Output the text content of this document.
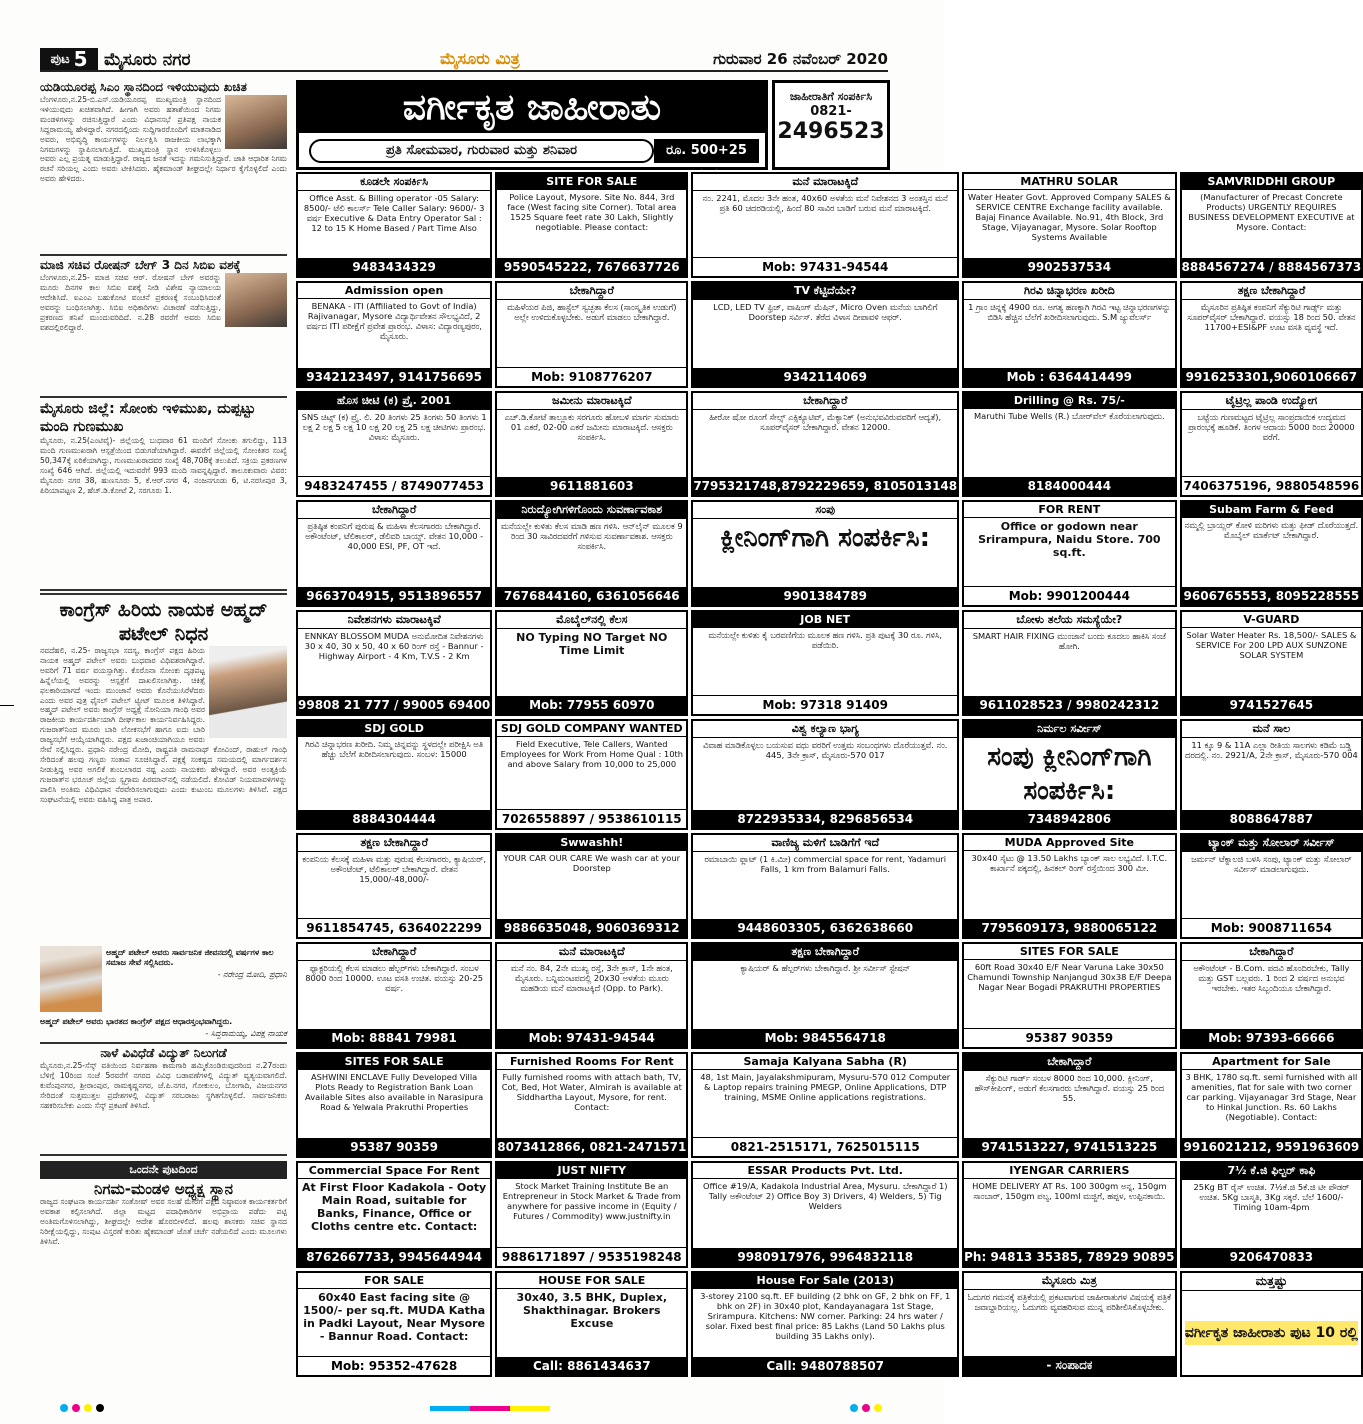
ಪುಟ 5 ಮೈಸೂರು ನಗರ	ಮೈಸೂರು ಮಿತ್ರ	ಗುರುವಾರ 26 ನವೆಂಬರ್ 2020
ಯಡಿಯೂರಪ್ಪ ಸಿಎಂ ಸ್ಥಾನದಿಂದ ಇಳಿಯುವುದು ಖಚಿತ
ಬೆಂಗಳೂರು,ನ.25-ಬಿ.ಎಸ್.ಯಡಿಯೂರಪ್ಪ ಮುಖ್ಯಮಂತ್ರಿ ಸ್ಥಾನದಿಂದ ಇಳಿಯುವುದು ಖಚಿತವಾಗಿದೆ. ಹೀಗಾಗಿ ಅವರು ಹತಾಶೆಯಿಂದ ನಿಗಮ ಮಂಡಳಿಗಳನ್ನು ರಚಿಸುತ್ತಿದ್ದಾರೆ ಎಂದು ವಿಧಾನಸಭೆ ಪ್ರತಿಪಕ್ಷ ನಾಯಕ ಸಿದ್ದರಾಮಯ್ಯ ಹೇಳಿದ್ದಾರೆ. ನಗರದಲ್ಲಿಂದು ಸುದ್ದಿಗಾರರೊಂದಿಗೆ ಮಾತನಾಡಿದ ಅವರು, ಅಭಿವೃದ್ಧಿ ಕಾರ್ಯಗಳನ್ನು ನಿರ್ಲಕ್ಷಿಸಿ ರಾಜಕೀಯ ಲಾಭಕ್ಕಾಗಿ ನಿಗಮಗಳನ್ನು ಸ್ಥಾಪಿಸಲಾಗುತ್ತಿದೆ. ಮುಖ್ಯಮಂತ್ರಿ ಸ್ಥಾನ ಉಳಿಸಿಕೊಳ್ಳಲು ಅವರು ಎಲ್ಲ ಪ್ರಯತ್ನ ಮಾಡುತ್ತಿದ್ದಾರೆ. ರಾಜ್ಯದ ಜನತೆ ಇದನ್ನು ಗಮನಿಸುತ್ತಿದ್ದಾರೆ. ಜಾತಿ ಆಧಾರಿತ ನಿಗಮ ರಚನೆ ಸರಿಯಲ್ಲ ಎಂದು ಅವರು ಟೀಕಿಸಿದರು. ಹೈಕಮಾಂಡ್ ಶೀಘ್ರದಲ್ಲೇ ನಿರ್ಧಾರ ಕೈಗೊಳ್ಳಲಿದೆ ಎಂದು ಅವರು ಹೇಳಿದರು.
ಮಾಜಿ ಸಚಿವ ರೋಷನ್ ಬೇಗ್ 3 ದಿನ ಸಿಬಿಐ ವಶಕ್ಕೆ
ಬೆಂಗಳೂರು,ನ.25- ಮಾಜಿ ಸಚಿವ ಆರ್. ರೋಷನ್ ಬೇಗ್ ಅವರನ್ನು ಮೂರು ದಿನಗಳ ಕಾಲ ಸಿಬಿಐ ವಶಕ್ಕೆ ನೀಡಿ ವಿಶೇಷ ನ್ಯಾಯಾಲಯ ಆದೇಶಿಸಿದೆ. ಐಎಂಎ ಬಹುಕೋಟಿ ವಂಚನೆ ಪ್ರಕರಣಕ್ಕೆ ಸಂಬಂಧಿಸಿದಂತೆ ಅವರನ್ನು ಬಂಧಿಸಲಾಗಿತ್ತು. ಸಿಬಿಐ ಅಧಿಕಾರಿಗಳು ವಿಚಾರಣೆ ನಡೆಸುತ್ತಿದ್ದು, ಪ್ರಕರಣದ ತನಿಖೆ ಮುಂದುವರಿದಿದೆ. ನ.28 ರವರೆಗೆ ಅವರು ಸಿಬಿಐ ವಶದಲ್ಲಿರಲಿದ್ದಾರೆ.
ಮೈಸೂರು ಜಿಲ್ಲೆ: ಸೋಂಕು ಇಳಿಮುಖ, ದುಪ್ಪಟ್ಟು ಮಂದಿ ಗುಣಮುಖ
ಮೈಸೂರು, ನ.25(ಎಂಟಿವೈ)- ಜಿಲ್ಲೆಯಲ್ಲಿ ಬುಧವಾರ 61 ಮಂದಿಗೆ ಸೋಂಕು ತಗುಲಿದ್ದು, 113 ಮಂದಿ ಗುಣಮುಖರಾಗಿ ಆಸ್ಪತ್ರೆಯಿಂದ ಬಿಡುಗಡೆಯಾಗಿದ್ದಾರೆ. ಈವರೆಗೆ ಜಿಲ್ಲೆಯಲ್ಲಿ ಸೋಂಕಿತರ ಸಂಖ್ಯೆ 50,347ಕ್ಕೆ ಏರಿಕೆಯಾಗಿದ್ದು, ಗುಣಮುಖರಾದವರ ಸಂಖ್ಯೆ 48,708ಕ್ಕೆ ತಲುಪಿದೆ. ಸಕ್ರಿಯ ಪ್ರಕರಣಗಳ ಸಂಖ್ಯೆ 646 ಆಗಿದೆ. ಜಿಲ್ಲೆಯಲ್ಲಿ ಇದುವರೆಗೆ 993 ಮಂದಿ ಸಾವನ್ನಪ್ಪಿದ್ದಾರೆ. ತಾಲೂಕುವಾರು ವಿವರ: ಮೈಸೂರು ನಗರ 38, ಹುಣಸೂರು 5, ಕೆ.ಆರ್.ನಗರ 4, ನಂಜನಗೂಡು 6, ಟಿ.ನರಸೀಪುರ 3, ಪಿರಿಯಾಪಟ್ಟಣ 2, ಹೆಚ್.ಡಿ.ಕೋಟೆ 2, ಸರಗೂರು 1.
ಕಾಂಗ್ರೆಸ್ ಹಿರಿಯ ನಾಯಕ ಅಹ್ಮದ್ ಪಟೇಲ್ ನಿಧನ
ನವದೆಹಲಿ, ನ.25- ರಾಜ್ಯಸಭಾ ಸದಸ್ಯ, ಕಾಂಗ್ರೆಸ್ ಪಕ್ಷದ ಹಿರಿಯ ನಾಯಕ ಅಹ್ಮದ್ ಪಟೇಲ್ ಅವರು ಬುಧವಾರ ವಿಧಿವಶರಾಗಿದ್ದಾರೆ. ಅವರಿಗೆ 71 ವರ್ಷ ವಯಸ್ಸಾಗಿತ್ತು. ಕೊರೊನಾ ಸೋಂಕು ದೃಢಪಟ್ಟ ಹಿನ್ನೆಲೆಯಲ್ಲಿ ಅವರನ್ನು ಆಸ್ಪತ್ರೆಗೆ ದಾಖಲಿಸಲಾಗಿತ್ತು. ಚಿಕಿತ್ಸೆ ಫಲಕಾರಿಯಾಗದೆ ಇಂದು ಮುಂಜಾನೆ ಅವರು ಕೊನೆಯುಸಿರೆಳೆದರು ಎಂದು ಅವರ ಪುತ್ರ ಫೈಸಲ್ ಪಟೇಲ್ ಟ್ವೀಟ್ ಮೂಲಕ ತಿಳಿಸಿದ್ದಾರೆ. ಅಹ್ಮದ್ ಪಟೇಲ್ ಅವರು ಕಾಂಗ್ರೆಸ್ ಅಧ್ಯಕ್ಷೆ ಸೋನಿಯಾ ಗಾಂಧಿ ಅವರ ರಾಜಕೀಯ ಕಾರ್ಯದರ್ಶಿಯಾಗಿ ದೀರ್ಘಕಾಲ ಕಾರ್ಯನಿರ್ವಹಿಸಿದ್ದರು. ಗುಜರಾತ್‌ನಿಂದ ಮೂರು ಬಾರಿ ಲೋಕಸಭೆಗೆ ಹಾಗೂ ಐದು ಬಾರಿ ರಾಜ್ಯಸಭೆಗೆ ಆಯ್ಕೆಯಾಗಿದ್ದರು. ಪಕ್ಷದ ಖಜಾಂಚಿಯಾಗಿಯೂ ಅವರು ಸೇವೆ ಸಲ್ಲಿಸಿದ್ದರು. ಪ್ರಧಾನಿ ನರೇಂದ್ರ ಮೋದಿ, ರಾಷ್ಟ್ರಪತಿ ರಾಮನಾಥ್ ಕೋವಿಂದ್, ರಾಹುಲ್ ಗಾಂಧಿ ಸೇರಿದಂತೆ ಹಲವು ಗಣ್ಯರು ಸಂತಾಪ ಸೂಚಿಸಿದ್ದಾರೆ. ಪಕ್ಷಕ್ಕೆ ಸಂಕಷ್ಟದ ಸಮಯದಲ್ಲಿ ಮಾರ್ಗದರ್ಶನ ನೀಡುತ್ತಿದ್ದ ಅವರ ಅಗಲಿಕೆ ತುಂಬಲಾರದ ನಷ್ಟ ಎಂದು ನಾಯಕರು ಹೇಳಿದ್ದಾರೆ. ಅವರ ಅಂತ್ಯಕ್ರಿಯೆ ಗುಜರಾತ್‌ನ ಭರೂಚ್ ಜಿಲ್ಲೆಯ ಸ್ವಗ್ರಾಮ ಪಿರಮಾನ್‌ನಲ್ಲಿ ನಡೆಯಲಿದೆ. ಕೋವಿಡ್ ನಿಯಮಾವಳಿಗಳನ್ನು ಪಾಲಿಸಿ ಅಂತಿಮ ವಿಧಿವಿಧಾನ ನೆರವೇರಿಸಲಾಗುವುದು ಎಂದು ಕುಟುಂಬ ಮೂಲಗಳು ತಿಳಿಸಿವೆ. ಪಕ್ಷದ ಸಂಘಟನೆಯಲ್ಲಿ ಅವರು ವಹಿಸಿದ್ದ ಪಾತ್ರ ಅಪಾರ.
ಅಹ್ಮದ್ ಪಟೇಲ್ ಅವರು ಸಾರ್ವಜನಿಕ ಜೀವನದಲ್ಲಿ ವರ್ಷಗಳ ಕಾಲ ಸಮಾಜ ಸೇವೆ ಸಲ್ಲಿಸಿದರು.
- ನರೇಂದ್ರ ಮೋದಿ, ಪ್ರಧಾನಿ
ಅಹ್ಮದ್ ಪಟೇಲ್ ಅವರು ಭಾರತದ ಕಾಂಗ್ರೆಸ್ ಪಕ್ಷದ ಆಧಾರಸ್ತಂಭವಾಗಿದ್ದರು.
- ಸಿದ್ದರಾಮಯ್ಯ, ವಿಪಕ್ಷ ನಾಯಕ
ನಾಳೆ ವಿವಿಧೆಡೆ ವಿದ್ಯುತ್ ನಿಲುಗಡೆ
ಮೈಸೂರು,ನ.25-ಸೆಸ್ಕ್ ವತಿಯಿಂದ ನಿರ್ವಹಣಾ ಕಾಮಗಾರಿ ಹಮ್ಮಿಕೊಂಡಿರುವುದರಿಂದ ನ.27ರಂದು ಬೆಳಿಗ್ಗೆ 10ರಿಂದ ಸಂಜೆ 5ರವರೆಗೆ ನಗರದ ವಿವಿಧ ಬಡಾವಣೆಗಳಲ್ಲಿ ವಿದ್ಯುತ್ ವ್ಯತ್ಯಯವಾಗಲಿದೆ. ಕುವೆಂಪುನಗರ, ಶ್ರೀರಾಂಪುರ, ರಾಮಕೃಷ್ಣನಗರ, ಜೆ.ಪಿ.ನಗರ, ಗೋಕುಲಂ, ಬೋಗಾದಿ, ವಿಜಯನಗರ ಸೇರಿದಂತೆ ಸುತ್ತಮುತ್ತಲ ಪ್ರದೇಶಗಳಲ್ಲಿ ವಿದ್ಯುತ್ ಸರಬರಾಜು ಸ್ಥಗಿತಗೊಳ್ಳಲಿದೆ. ಸಾರ್ವಜನಿಕರು ಸಹಕರಿಸಬೇಕು ಎಂದು ಸೆಸ್ಕ್ ಪ್ರಕಟಣೆ ತಿಳಿಸಿದೆ.
ಒಂದನೇ ಪುಟದಿಂದ
ನಿಗಮ-ಮಂಡಳಿ ಅಧ್ಯಕ್ಷ ಸ್ಥಾನ
ರಾಜ್ಯದ ಸಂಘಟನಾ ಕಾರ್ಯದರ್ಶಿ ಸಂತೋಷ್ ಅವರ ಸಲಹೆ ಮೇರೆಗೆ ಪಕ್ಷದ ನಿಷ್ಠಾವಂತ ಕಾರ್ಯಕರ್ತರಿಗೆ ಅವಕಾಶ ಕಲ್ಪಿಸಲಾಗಿದೆ. ಜಿಲ್ಲಾ ಮಟ್ಟದ ಪದಾಧಿಕಾರಿಗಳ ಅಭಿಪ್ರಾಯ ಪಡೆದು ಪಟ್ಟಿ ಅಂತಿಮಗೊಳಿಸಲಾಗಿದ್ದು, ಶೀಘ್ರದಲ್ಲೇ ಆದೇಶ ಹೊರಬೀಳಲಿದೆ. ಹಲವು ಶಾಸಕರು ಸಚಿವ ಸ್ಥಾನದ ನಿರೀಕ್ಷೆಯಲ್ಲಿದ್ದು, ಸಂಪುಟ ವಿಸ್ತರಣೆ ಕುರಿತು ಹೈಕಮಾಂಡ್ ಜೊತೆ ಚರ್ಚೆ ನಡೆಯಲಿದೆ ಎಂದು ಮೂಲಗಳು ತಿಳಿಸಿವೆ.
ವರ್ಗೀಕೃತ ಜಾಹೀರಾತು
ಪ್ರತಿ ಸೋಮವಾರ, ಗುರುವಾರ ಮತ್ತು ಶನಿವಾರ	ರೂ. 500+25
ಜಾಹೀರಾತಿಗೆ ಸಂಪರ್ಕಿಸಿ
0821-
2496523
ಕೂಡಲೇ ಸಂಪರ್ಕಿಸಿ
Office Asst. & Billing operator -05 Salary: 8500/- ಟೆಲಿ ಕಾಲರ್ಸ್ Tele Caller Salary: 9600/- 3 ವರ್ಷ Executive & Data Entry Operator Sal : 12 to 15 K Home Based / Part Time Also
9483434329
SITE FOR SALE
Police Layout, Mysore. Site No. 844, 3rd face (West facing site Corner). Total area 1525 Square feet rate 30 Lakh, Slightly negotiable. Please contact:
9590545222, 7676637726
ಮನೆ ಮಾರಾಟಕ್ಕಿದೆ
ನಂ. 2241, ಮೊದಲ 3ನೇ ಹಂತ, 40x60 ಅಳತೆಯ ಮನೆ ನಿವೇಶನದ 3 ಅಂತಸ್ತಿನ ಮನೆ ಪ್ರತಿ 60 ಚದರಡಿಯಲ್ಲಿ, ಹಿಂದೆ 80 ಸಾವಿರ ಬಾಡಿಗೆ ಬರುವ ಮನೆ ಮಾರಾಟಕ್ಕಿದೆ.
Mob: 97431-94544
MATHRU SOLAR
Water Heater Govt. Approved Company SALES & SERVICE CENTRE Exchange facility available. Bajaj Finance Available. No.91, 4th Block, 3rd Stage, Vijayanagar, Mysore. Solar Rooftop Systems Available
9902537534
SAMVRIDDHI GROUP
(Manufacturer of Precast Concrete Products) URGENTLY REQUIRES BUSINESS DEVELOPMENT EXECUTIVE at Mysore. Contact:
8884567274 / 8884567373
Admission open
BENAKA - ITI (Affiliated to Govt of India) Rajivanagar, Mysore ವಿದ್ಯಾರ್ಥಿವೇತನ ಸೌಲಭ್ಯವಿದೆ, 2 ವರ್ಷದ ITI ಪರೀಕ್ಷೆಗೆ ಪ್ರವೇಶ ಪ್ರಾರಂಭ. ವಿಳಾಸ: ವಿದ್ಯಾರಣ್ಯಪುರಂ, ಮೈಸೂರು.
9342123497, 9141756695
ಬೇಕಾಗಿದ್ದಾರೆ
ಮಹಿಳೆಯರ ಪಿಜಿ, ಹಾಸ್ಟೆಲ್ ಸ್ವಚ್ಛತಾ ಕೆಲಸ (ಸಾಂಸ್ಕೃತಿಕ ಉಡುಗೆ) ಅಲ್ಲೇ ಉಳಿದುಕೊಳ್ಳಬೇಕು. ಅಡುಗೆ ಮಾಡಲು ಬೇಕಾಗಿದ್ದಾರೆ.
Mob: 9108776207
TV ಕೆಟ್ಟಿದೆಯೇ?
LCD, LED TV ಫ್ರಿಜ್, ವಾಷಿಂಗ್ ಮೆಷಿನ್, Micro Oven ಮನೆಯ ಬಾಗಿಲಿಗೆ Doorstep ಸರ್ವಿಸ್. ತೆರೆದ ವಿಳಾಸ ದೀಪಾವಳಿ ಆಫರ್.
9342114069
ಗಿರವಿ ಚಿನ್ನಾಭರಣ ಖರೀದಿ
1 ಗ್ರಾಂ ಚಿನ್ನಕ್ಕೆ 4900 ರೂ. ಅಗತ್ಯ ಹಣಕ್ಕಾಗಿ ಗಿರವಿ ಇಟ್ಟ ಚಿನ್ನಾಭರಣಗಳನ್ನು ಬಿಡಿಸಿ ಹೆಚ್ಚಿನ ಬೆಲೆಗೆ ಖರೀದಿಸಲಾಗುವುದು. S.M ಜ್ಯುವೆಲರ್ಸ್
Mob : 6364414499
ತಕ್ಷಣ ಬೇಕಾಗಿದ್ದಾರೆ
ಮೈಸೂರಿನ ಪ್ರತಿಷ್ಠಿತ ಕಂಪನಿಗೆ ಸೆಕ್ಯುರಿಟಿ ಗಾರ್ಡ್ಸ್ ಮತ್ತು ಸೂಪರ್‌ವೈಸರ್ ಬೇಕಾಗಿದ್ದಾರೆ. ವಯಸ್ಸು 18 ರಿಂದ 50. ವೇತನ 11700+ESI&PF ಊಟ ವಸತಿ ವ್ಯವಸ್ಥೆ ಇದೆ.
9916253301,9060106667
ಹೊಸ ಚೀಟಿ (ಕ) ಪ್ರೈ. 2001
SNS ಚಿಟ್ಸ್ (ಕ) ಪ್ರೈ. ಲಿ. 20 ತಿಂಗಳು 25 ತಿಂಗಳು 50 ತಿಂಗಳು 1 ಲಕ್ಷ 2 ಲಕ್ಷ 5 ಲಕ್ಷ 10 ಲಕ್ಷ 20 ಲಕ್ಷ 25 ಲಕ್ಷ ಚೀಟಿಗಳು ಪ್ರಾರಂಭ. ವಿಳಾಸ: ಮೈಸೂರು.
9483247455 / 8749077453
ಜಮೀನು ಮಾರಾಟಕ್ಕಿದೆ
ಎಚ್.ಡಿ.ಕೋಟೆ ತಾಲ್ಲೂಕು ಸರಗೂರು ಹೋಬಳಿ ಮಾರ್ಗ ಸುಮಾರು 01 ಎಕರೆ, 02-00 ಎಕರೆ ಜಮೀನು ಮಾರಾಟಕ್ಕಿದೆ. ಆಸಕ್ತರು ಸಂಪರ್ಕಿಸಿ.
9611881603
ಬೇಕಾಗಿದ್ದಾರೆ
ಹೀರೋ ಷೋ ರೂಂಗೆ ಸೇಲ್ಸ್ ಎಕ್ಸಿಕ್ಯೂಟಿವ್, ಮೆಕ್ಯಾನಿಕ್ (ಅನುಭವವಿರುವವರಿಗೆ ಆದ್ಯತೆ), ಸೂಪರ್‌ವೈಸರ್ ಬೇಕಾಗಿದ್ದಾರೆ. ವೇತನ 12000.
7795321748,8792229659, 8105013148
Drilling @ Rs. 75/-
Maruthi Tube Wells (R.) ಬೋರ್‌ವೆಲ್ ಕೊರೆಯಲಾಗುವುದು.
8184000444
ಟೈಟ್ರಿಲ್ಲ ಪಾಂಡಿ ಉದ್ಯೋಗ
ಬಟ್ಟೆಯ ಗುಣಮಟ್ಟದ ಟೈಟ್ರಿಲ್ಲ ಸಾಂಪ್ರದಾಯಿಕ ಉದ್ಯಮದ ಪ್ರಾರಂಭಕ್ಕೆ ಹೂಡಿಕೆ. ತಿಂಗಳ ಆದಾಯ 5000 ರಿಂದ 20000 ವರೆಗೆ.
7406375196, 9880548596
ಬೇಕಾಗಿದ್ದಾರೆ
ಪ್ರತಿಷ್ಠಿತ ಕಂಪನಿಗೆ ಪುರುಷ & ಮಹಿಳಾ ಕೆಲಸಗಾರರು ಬೇಕಾಗಿದ್ದಾರೆ. ಅಕೌಂಟೆಂಟ್, ಟೆಲಿಕಾಲರ್, ಡೆಲಿವರಿ ಬಾಯ್ಸ್. ವೇತನ 10,000 - 40,000 ESI, PF, OT ಇದೆ.
9663704915, 9513896557
ನಿರುದ್ಯೋಗಿಗಳಿಗೊಂದು ಸುವರ್ಣಾವಕಾಶ
ಮನೆಯಲ್ಲೇ ಕುಳಿತು ಕೆಲಸ ಮಾಡಿ ಹಣ ಗಳಿಸಿ. ಆನ್‌ಲೈನ್ ಮೂಲಕ 9 ರಿಂದ 30 ಸಾವಿರದವರೆಗೆ ಗಳಿಸುವ ಸುವರ್ಣಾವಕಾಶ. ಆಸಕ್ತರು ಸಂಪರ್ಕಿಸಿ.
7676844160, 6361056646
ಸಂಪು
ಕ್ಲೀನಿಂಗ್‌ಗಾಗಿ ಸಂಪರ್ಕಿಸಿ:
9901384789
FOR RENT
Office or godown near Srirampura, Naidu Store. 700 sq.ft.
Mob: 9901200444
Subam Farm & Feed
ನಮ್ಮಲ್ಲಿ ಬ್ರಾಯ್ಲರ್ ಕೋಳಿ ಮರಿಗಳು ಮತ್ತು ಫೀಡ್ ದೊರೆಯುತ್ತದೆ. ಮೊಬೈಲ್ ಮಾರ್ಕೆಟ್ ಬೇಕಾಗಿದ್ದಾರೆ.
9606765553, 8095228555
ನಿವೇಶನಗಳು ಮಾರಾಟಕ್ಕಿವೆ
ENNKAY BLOSSOM MUDA ಅನುಮೋದಿತ ನಿವೇಶನಗಳು 30 x 40, 30 x 50, 40 x 60 ರಿಂಗ್ ರಸ್ತೆ - Bannur - Highway Airport - 4 Km, T.V.S - 2 Km
99808 21 777 / 99005 69400
ಮೊಬೈಲ್‌ನಲ್ಲಿ ಕೆಲಸ
NO Typing NO Target NO Time Limit
Mob: 77955 60970
JOB NET
ಮನೆಯಲ್ಲೇ ಕುಳಿತು ಕೈ ಬರವಣಿಗೆಯ ಮೂಲಕ ಹಣ ಗಳಿಸಿ. ಪ್ರತಿ ಪುಟಕ್ಕೆ 30 ರೂ. ಗಳಿಸಿ, ಪಡೆಯಿರಿ.
Mob: 97318 91409
ಬೋಳು ತಲೆಯ ಸಮಸ್ಯೆಯೇ?
SMART HAIR FIXING ಮುಂಜಾನೆ ಬಂದು ಕೂದಲು ಹಾಕಿಸಿ ಸಂಜೆ ಹೋಗಿ.
9611028523 / 9980242312
V-GUARD
Solar Water Heater Rs. 18,500/- SALES & SERVICE For 200 LPD AUX SUNZONE SOLAR SYSTEM
9741527645
SDJ GOLD
ಗಿರವಿ ಚಿನ್ನಾಭರಣ ಖರೀದಿ. ನಿಮ್ಮ ಚಿನ್ನವನ್ನು ಸ್ಥಳದಲ್ಲೇ ಪರೀಕ್ಷಿಸಿ ಅತಿ ಹೆಚ್ಚು ಬೆಲೆಗೆ ಖರೀದಿಸಲಾಗುವುದು. ಸಂಬಳ: 15000
8884304444
SDJ GOLD COMPANY WANTED
Field Executive, Tele Callers, Wanted Employees for Work From Home Qual : 10th and above Salary from 10,000 to 25,000
7026558897 / 9538610115
ವಿಶ್ವ ಕಲ್ಯಾಣ ಭಾಗ್ಯ
ವಿವಾಹ ಮಾಡಿಕೊಳ್ಳಲು ಬಯಸುವ ವಧು ವರರಿಗೆ ಉತ್ತಮ ಸಂಬಂಧಗಳು ದೊರೆಯುತ್ತವೆ. ನಂ. 445, 3ನೇ ಕ್ರಾಸ್, ಮೈಸೂರು-570 017
8722935334, 8296856534
ನಿರ್ಮಲ ಸರ್ವೀಸ್
ಸಂಪು ಕ್ಲೀನಿಂಗ್‌ಗಾಗಿ ಸಂಪರ್ಕಿಸಿ:
7348942806
ಮನೆ ಸಾಲ
11 ಕ್ಕೂ 9 & 11A ಎಲ್ಲಾ ರೀತಿಯ ಸಾಲಗಳು ಕಡಿಮೆ ಬಡ್ಡಿ ದರದಲ್ಲಿ. ನಂ. 2921/A, 2ನೇ ಕ್ರಾಸ್, ಮೈಸೂರು-570 004
8088647887
ತಕ್ಷಣ ಬೇಕಾಗಿದ್ದಾರೆ
ಕಂಪನಿಯ ಕೆಲಸಕ್ಕೆ ಮಹಿಳಾ ಮತ್ತು ಪುರುಷ ಕೆಲಸಗಾರರು, ಕ್ಯಾಷಿಯರ್, ಅಕೌಂಟೆಂಟ್, ಟೆಲಿಕಾಲರ್ ಬೇಕಾಗಿದ್ದಾರೆ. ವೇತನ 15,000/-48,000/-
9611854745, 6364022299
Swwashh!
YOUR CAR OUR CARE We wash car at your Doorstep
9886635048, 9060369312
ವಾಣಿಜ್ಯ ಮಳಿಗೆ ಬಾಡಿಗೆಗೆ ಇದೆ
ರಮಾಬಾಯಿ ಫ್ಲಾಟ್ (1 ಕಿ.ಮೀ) commercial space for rent, Yadamuri Falls, 1 km from Balamuri Falls.
9448603305, 6362638660
MUDA Approved Site
30x40 ಸೈಟು @ 13.50 Lakhs ಬ್ಯಾಂಕ್ ಸಾಲ ಲಭ್ಯವಿದೆ. I.T.C. ಕಾರ್ಖಾನೆ ಪಕ್ಕದಲ್ಲಿ, ಹಿನಕಲ್ ರಿಂಗ್ ರಸ್ತೆಯಿಂದ 300 ಮೀ.
7795609173, 9880065122
ಟ್ಯಾಂಕ್ ಮತ್ತು ಸೋಲಾರ್ ಸರ್ವೀಸ್
ಜರ್ಮನ್ ಟೆಕ್ನಾಲಜಿ ಬಳಸಿ ಸಂಪು, ಟ್ಯಾಂಕ್ ಮತ್ತು ಸೋಲಾರ್ ಸರ್ವೀಸ್ ಮಾಡಲಾಗುವುದು.
Mob: 9008711654
ಬೇಕಾಗಿದ್ದಾರೆ
ಫ್ಯಾಕ್ಟರಿಯಲ್ಲಿ ಕೆಲಸ ಮಾಡಲು ಹೆಲ್ಪರ್‌ಗಳು ಬೇಕಾಗಿದ್ದಾರೆ. ಸಂಬಳ 8000 ರಿಂದ 10000. ಊಟ ವಸತಿ ಉಚಿತ. ವಯಸ್ಸು 20-25 ವರ್ಷ.
Mob: 88841 79981
ಮನೆ ಮಾರಾಟಕ್ಕಿದೆ
ಮನೆ ನಂ. 84, 2ನೇ ಮುಖ್ಯ ರಸ್ತೆ, 3ನೇ ಕ್ರಾಸ್, 1ನೇ ಹಂತ, ಮೈಸೂರು. ಬನ್ನಿಮಂಟಪದಲ್ಲಿ 20x30 ಅಳತೆಯ ಮೂರು ಮಹಡಿಯ ಮನೆ ಮಾರಾಟಕ್ಕಿದೆ (Opp. to Park).
Mob: 97431-94544
ತಕ್ಷಣ ಬೇಕಾಗಿದ್ದಾರೆ
ಕ್ಯಾಷಿಯರ್ & ಹೆಲ್ಪರ್‌ಗಳು ಬೇಕಾಗಿದ್ದಾರೆ. ಶ್ರೀ ಸರ್ವೀಸ್ ಸ್ಟೇಷನ್
Mob: 9845564718
SITES FOR SALE
60ft Road 30x40 E/F Near Varuna Lake 30x50 Chamundi Township Nanjangud 30x38 E/F Deepa Nagar Near Bogadi PRAKRUTHI PROPERTIES
95387 90359
ಬೇಕಾಗಿದ್ದಾರೆ
ಅಕೌಂಟೆಂಟ್ - B.Com. ಪದವಿ ಹೊಂದಿರಬೇಕು, Tally ಮತ್ತು GST ಬಲ್ಲವರು. 1 ರಿಂದ 2 ವರ್ಷದ ಅನುಭವ ಇರಬೇಕು. ಇತರ ಸಿಬ್ಬಂದಿಯೂ ಬೇಕಾಗಿದ್ದಾರೆ.
Mob: 97393-66666
SITES FOR SALE
ASHWINI ENCLAVE Fully Developed Villa Plots Ready to Registration Bank Loan Available Sites also available in Narasipura Road & Yelwala Prakruthi Properties
95387 90359
Furnished Rooms For Rent
Fully furnished rooms with attach bath, TV, Cot, Bed, Hot Water, Almirah is available at Siddhartha Layout, Mysore, for rent. Contact:
8073412866, 0821-2471571
Samaja Kalyana Sabha (R)
48, 1st Main, Jayalakshmipuram, Mysuru-570 012 Computer & Laptop repairs training PMEGP, Online Applications, DTP training, MSME Online applications registrations.
0821-2515171, 7625015115
ಬೇಕಾಗಿದ್ದಾರೆ
ಸೆಕ್ಯುರಿಟಿ ಗಾರ್ಡ್ ಸಂಬಳ 8000 ರಿಂದ 10,000. ಕ್ಲೀನಿಂಗ್, ಹೌಸ್‌ಕೀಪಿಂಗ್, ಅಡುಗೆ ಕೆಲಸಗಾರರು ಬೇಕಾಗಿದ್ದಾರೆ. ವಯಸ್ಸು 25 ರಿಂದ 55.
9741513227, 9741513225
Apartment for Sale
3 BHK, 1780 sq.ft. semi furnished with all amenities, flat for sale with two corner car parking. Vijayanagar 3rd Stage, Near to Hinkal Junction. Rs. 60 Lakhs (Negotiable). Contact:
9916021212, 9591963609
Commercial Space For Rent
At First Floor Kadakola - Ooty Main Road, suitable for Banks, Finance, Office or Cloths centre etc. Contact:
8762667733, 9945644944
JUST NIFTY
Stock Market Training Institute Be an Entrepreneur in Stock Market & Trade from anywhere for passive income in (Equity / Futures / Commodity) www.justnifty.in
9886171897 / 9535198248
ESSAR Products Pvt. Ltd.
Office #19/A, Kadakola Industrial Area, Mysuru. ಬೇಕಾಗಿದ್ದಾರೆ 1) Tally ಅಕೌಂಟೆಂಟ್ 2) Office Boy 3) Drivers, 4) Welders, 5) Tig Welders
9980917976, 9964832118
IYENGAR CARRIERS
HOME DELIVERY AT Rs. 100 300gm ಅನ್ನ, 150gm ಸಾಂಬಾರ್, 150gm ಪಲ್ಯ, 100ml ಮಜ್ಜಿಗೆ, ಹಪ್ಪಳ, ಉಪ್ಪಿನಕಾಯಿ.
Ph: 94813 35385, 78929 90895
7½ ಕೆ.ಜಿ ಫಿಲ್ಟರ್ ಕಾಫಿ
25Kg BT ರೈಸ್ ಉಚಿತ. 7½ಕೆ.ಜಿ 5ಕೆ.ಜಿ ಟೀ ಪೌಡರ್ ಉಚಿತ. 5Kg ಬಾಸ್ಮತಿ, 3Kg ಸಕ್ಕರೆ. ಬೆಲೆ 1600/- Timing 10am-4pm
9206470833
FOR SALE
60x40 East facing site @ 1500/- per sq.ft. MUDA Katha in Padki Layout, Near Mysore - Bannur Road. Contact:
Mob: 95352-47628
HOUSE FOR SALE
30x40, 3.5 BHK, Duplex, Shakthinagar. Brokers Excuse
Call: 8861434637
House For Sale (2013)
3-storey 2100 sq.ft. EF building (2 bhk on GF, 2 bhk on FF, 1 bhk on 2F) in 30x40 plot, Kandayanagara 1st Stage, Srirampura. Kitchens: NW corner. Parking: 24 hrs water / solar. Fixed best final price: 85 Lakhs (Land 50 Lakhs plus building 35 Lakhs only).
Call: 9480788507
ಮೈಸೂರು ಮಿತ್ರ
ಓದುಗರ ಗಮನಕ್ಕೆ ಪತ್ರಿಕೆಯಲ್ಲಿ ಪ್ರಕಟವಾಗುವ ಜಾಹೀರಾತುಗಳ ವಿಷಯಕ್ಕೆ ಪತ್ರಿಕೆ ಜವಾಬ್ದಾರಿಯಲ್ಲ. ಓದುಗರು ವ್ಯವಹರಿಸುವ ಮುನ್ನ ಪರಿಶೀಲಿಸಿಕೊಳ್ಳಬೇಕು.
- ಸಂಪಾದಕ
ಮತ್ತಷ್ಟು
ವರ್ಗೀಕೃತ ಜಾಹೀರಾತು ಪುಟ 10 ರಲ್ಲಿ
